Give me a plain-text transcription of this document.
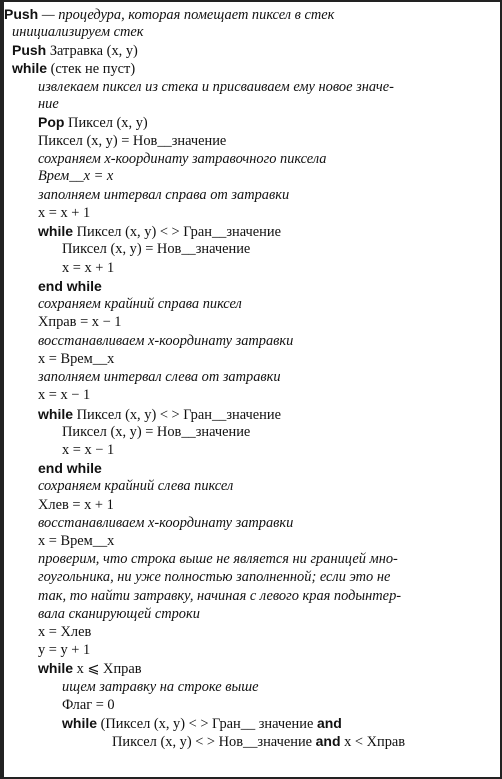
Push — процедура, которая помещает пиксел в стек
инициализируем стек
Push Затравка (x, y)
while (стек не пуст)
извлекаем пиксел из стека и присваиваем ему новое значе-
ние
Pop Пиксел (x, y)
Пиксел (x, y) = Нов__значение
сохраняем x-координату затравочного пиксела
Врем__x = x
заполняем интервал справа от затравки
x = x + 1
while Пиксел (x, y) < > Гран__значение
Пиксел (x, y) = Нов__значение
x = x + 1
end while
сохраняем крайний справа пиксел
Xправ = x − 1
восстанавливаем x-координату затравки
x = Врем__x
заполняем интервал слева от затравки
x = x − 1
while Пиксел (x, y) < > Гран__значение
Пиксел (x, y) = Нов__значение
x = x − 1
end while
сохраняем крайний слева пиксел
Xлев = x + 1
восстанавливаем x-координату затравки
x = Врем__x
проверим, что строка выше не является ни границей мно-
гоугольника, ни уже полностью заполненной; если это не
так, то найти затравку, начиная с левого края подынтер-
вала сканирующей строки
x = Xлев
y = y + 1
while x ⩽ Xправ
ищем затравку на строке выше
Флаг = 0
while (Пиксел (x, y) < > Гран__ значение and
Пиксел (x, y) < > Нов__значение and x < Xправ
